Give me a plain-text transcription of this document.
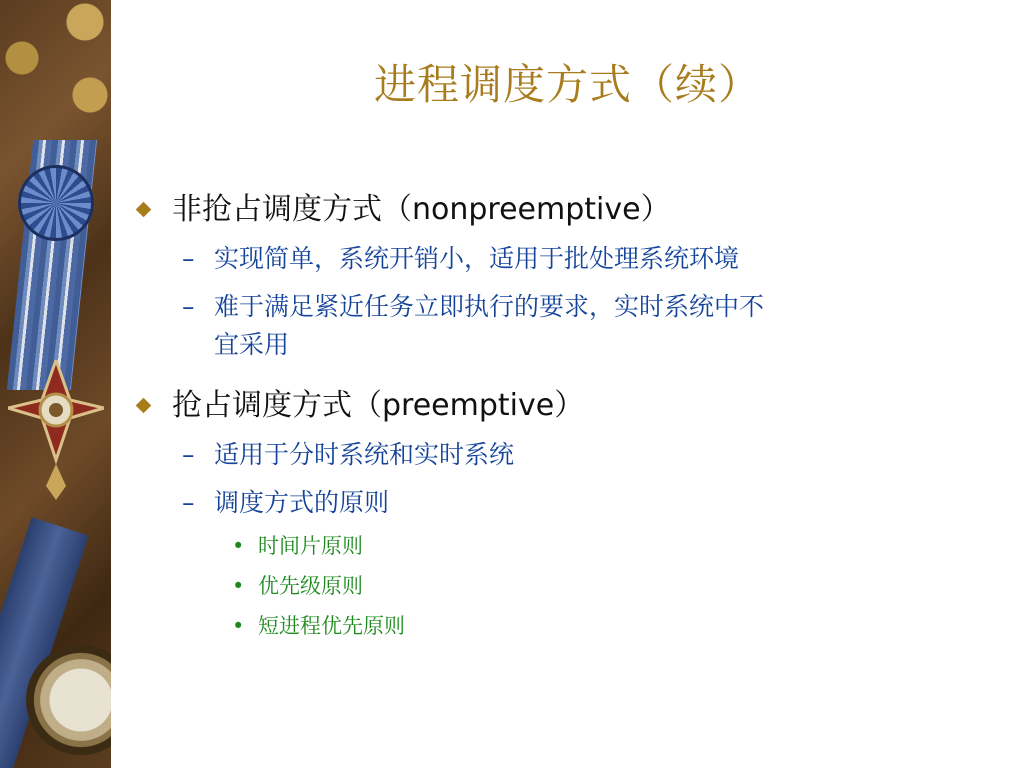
进程调度方式（续）
非抢占调度方式（nonpreemptive）
– 实现简单，系统开销小，适用于批处理系统环境
– 难于满足紧近任务立即执行的要求，实时系统中不
宜采用
抢占调度方式（preemptive）
– 适用于分时系统和实时系统
– 调度方式的原则
• 时间片原则
• 优先级原则
• 短进程优先原则
